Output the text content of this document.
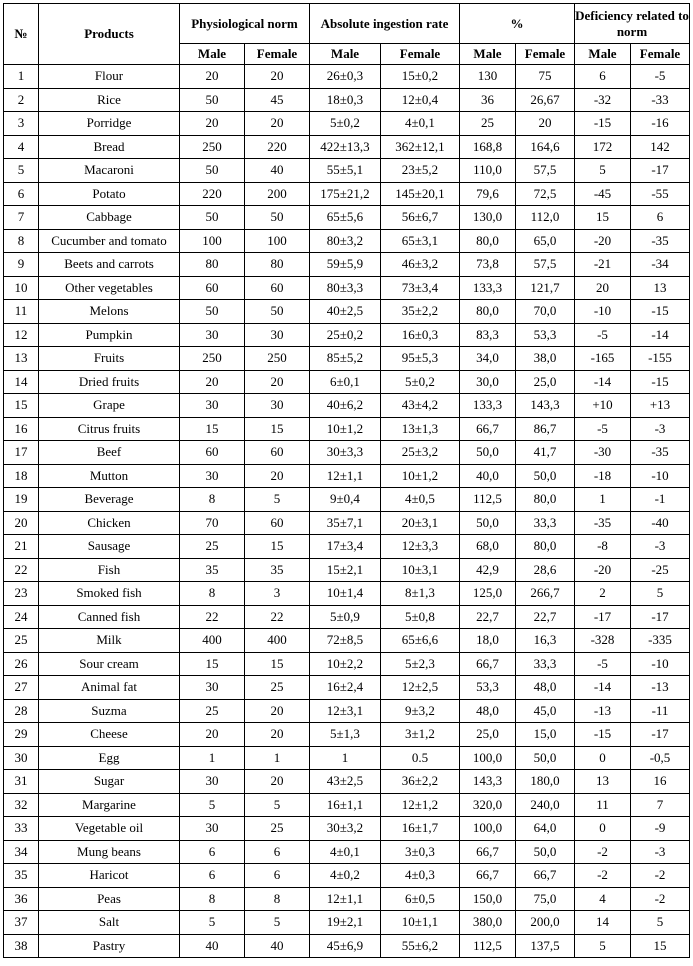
№	Products	Physiological norm		Absolute ingestion rate		%		Deficiency related to norm	
		Male	Female	Male	Female	Male	Female	Male	Female
1	Flour	20	20	26±0,3	15±0,2	130	75	6	-5
2	Rice	50	45	18±0,3	12±0,4	36	26,67	-32	-33
3	Porridge	20	20	5±0,2	4±0,1	25	20	-15	-16
4	Bread	250	220	422±13,3	362±12,1	168,8	164,6	172	142
5	Macaroni	50	40	55±5,1	23±5,2	110,0	57,5	5	-17
6	Potato	220	200	175±21,2	145±20,1	79,6	72,5	-45	-55
7	Cabbage	50	50	65±5,6	56±6,7	130,0	112,0	15	6
8	Cucumber and tomato	100	100	80±3,2	65±3,1	80,0	65,0	-20	-35
9	Beets and carrots	80	80	59±5,9	46±3,2	73,8	57,5	-21	-34
10	Other vegetables	60	60	80±3,3	73±3,4	133,3	121,7	20	13
11	Melons	50	50	40±2,5	35±2,2	80,0	70,0	-10	-15
12	Pumpkin	30	30	25±0,2	16±0,3	83,3	53,3	-5	-14
13	Fruits	250	250	85±5,2	95±5,3	34,0	38,0	-165	-155
14	Dried fruits	20	20	6±0,1	5±0,2	30,0	25,0	-14	-15
15	Grape	30	30	40±6,2	43±4,2	133,3	143,3	+10	+13
16	Citrus fruits	15	15	10±1,2	13±1,3	66,7	86,7	-5	-3
17	Beef	60	60	30±3,3	25±3,2	50,0	41,7	-30	-35
18	Mutton	30	20	12±1,1	10±1,2	40,0	50,0	-18	-10
19	Beverage	8	5	9±0,4	4±0,5	112,5	80,0	1	-1
20	Chicken	70	60	35±7,1	20±3,1	50,0	33,3	-35	-40
21	Sausage	25	15	17±3,4	12±3,3	68,0	80,0	-8	-3
22	Fish	35	35	15±2,1	10±3,1	42,9	28,6	-20	-25
23	Smoked fish	8	3	10±1,4	8±1,3	125,0	266,7	2	5
24	Canned fish	22	22	5±0,9	5±0,8	22,7	22,7	-17	-17
25	Milk	400	400	72±8,5	65±6,6	18,0	16,3	-328	-335
26	Sour cream	15	15	10±2,2	5±2,3	66,7	33,3	-5	-10
27	Animal fat	30	25	16±2,4	12±2,5	53,3	48,0	-14	-13
28	Suzma	25	20	12±3,1	9±3,2	48,0	45,0	-13	-11
29	Cheese	20	20	5±1,3	3±1,2	25,0	15,0	-15	-17
30	Egg	1	1	1	0.5	100,0	50,0	0	-0,5
31	Sugar	30	20	43±2,5	36±2,2	143,3	180,0	13	16
32	Margarine	5	5	16±1,1	12±1,2	320,0	240,0	11	7
33	Vegetable oil	30	25	30±3,2	16±1,7	100,0	64,0	0	-9
34	Mung beans	6	6	4±0,1	3±0,3	66,7	50,0	-2	-3
35	Haricot	6	6	4±0,2	4±0,3	66,7	66,7	-2	-2
36	Peas	8	8	12±1,1	6±0,5	150,0	75,0	4	-2
37	Salt	5	5	19±2,1	10±1,1	380,0	200,0	14	5
38	Pastry	40	40	45±6,9	55±6,2	112,5	137,5	5	15
